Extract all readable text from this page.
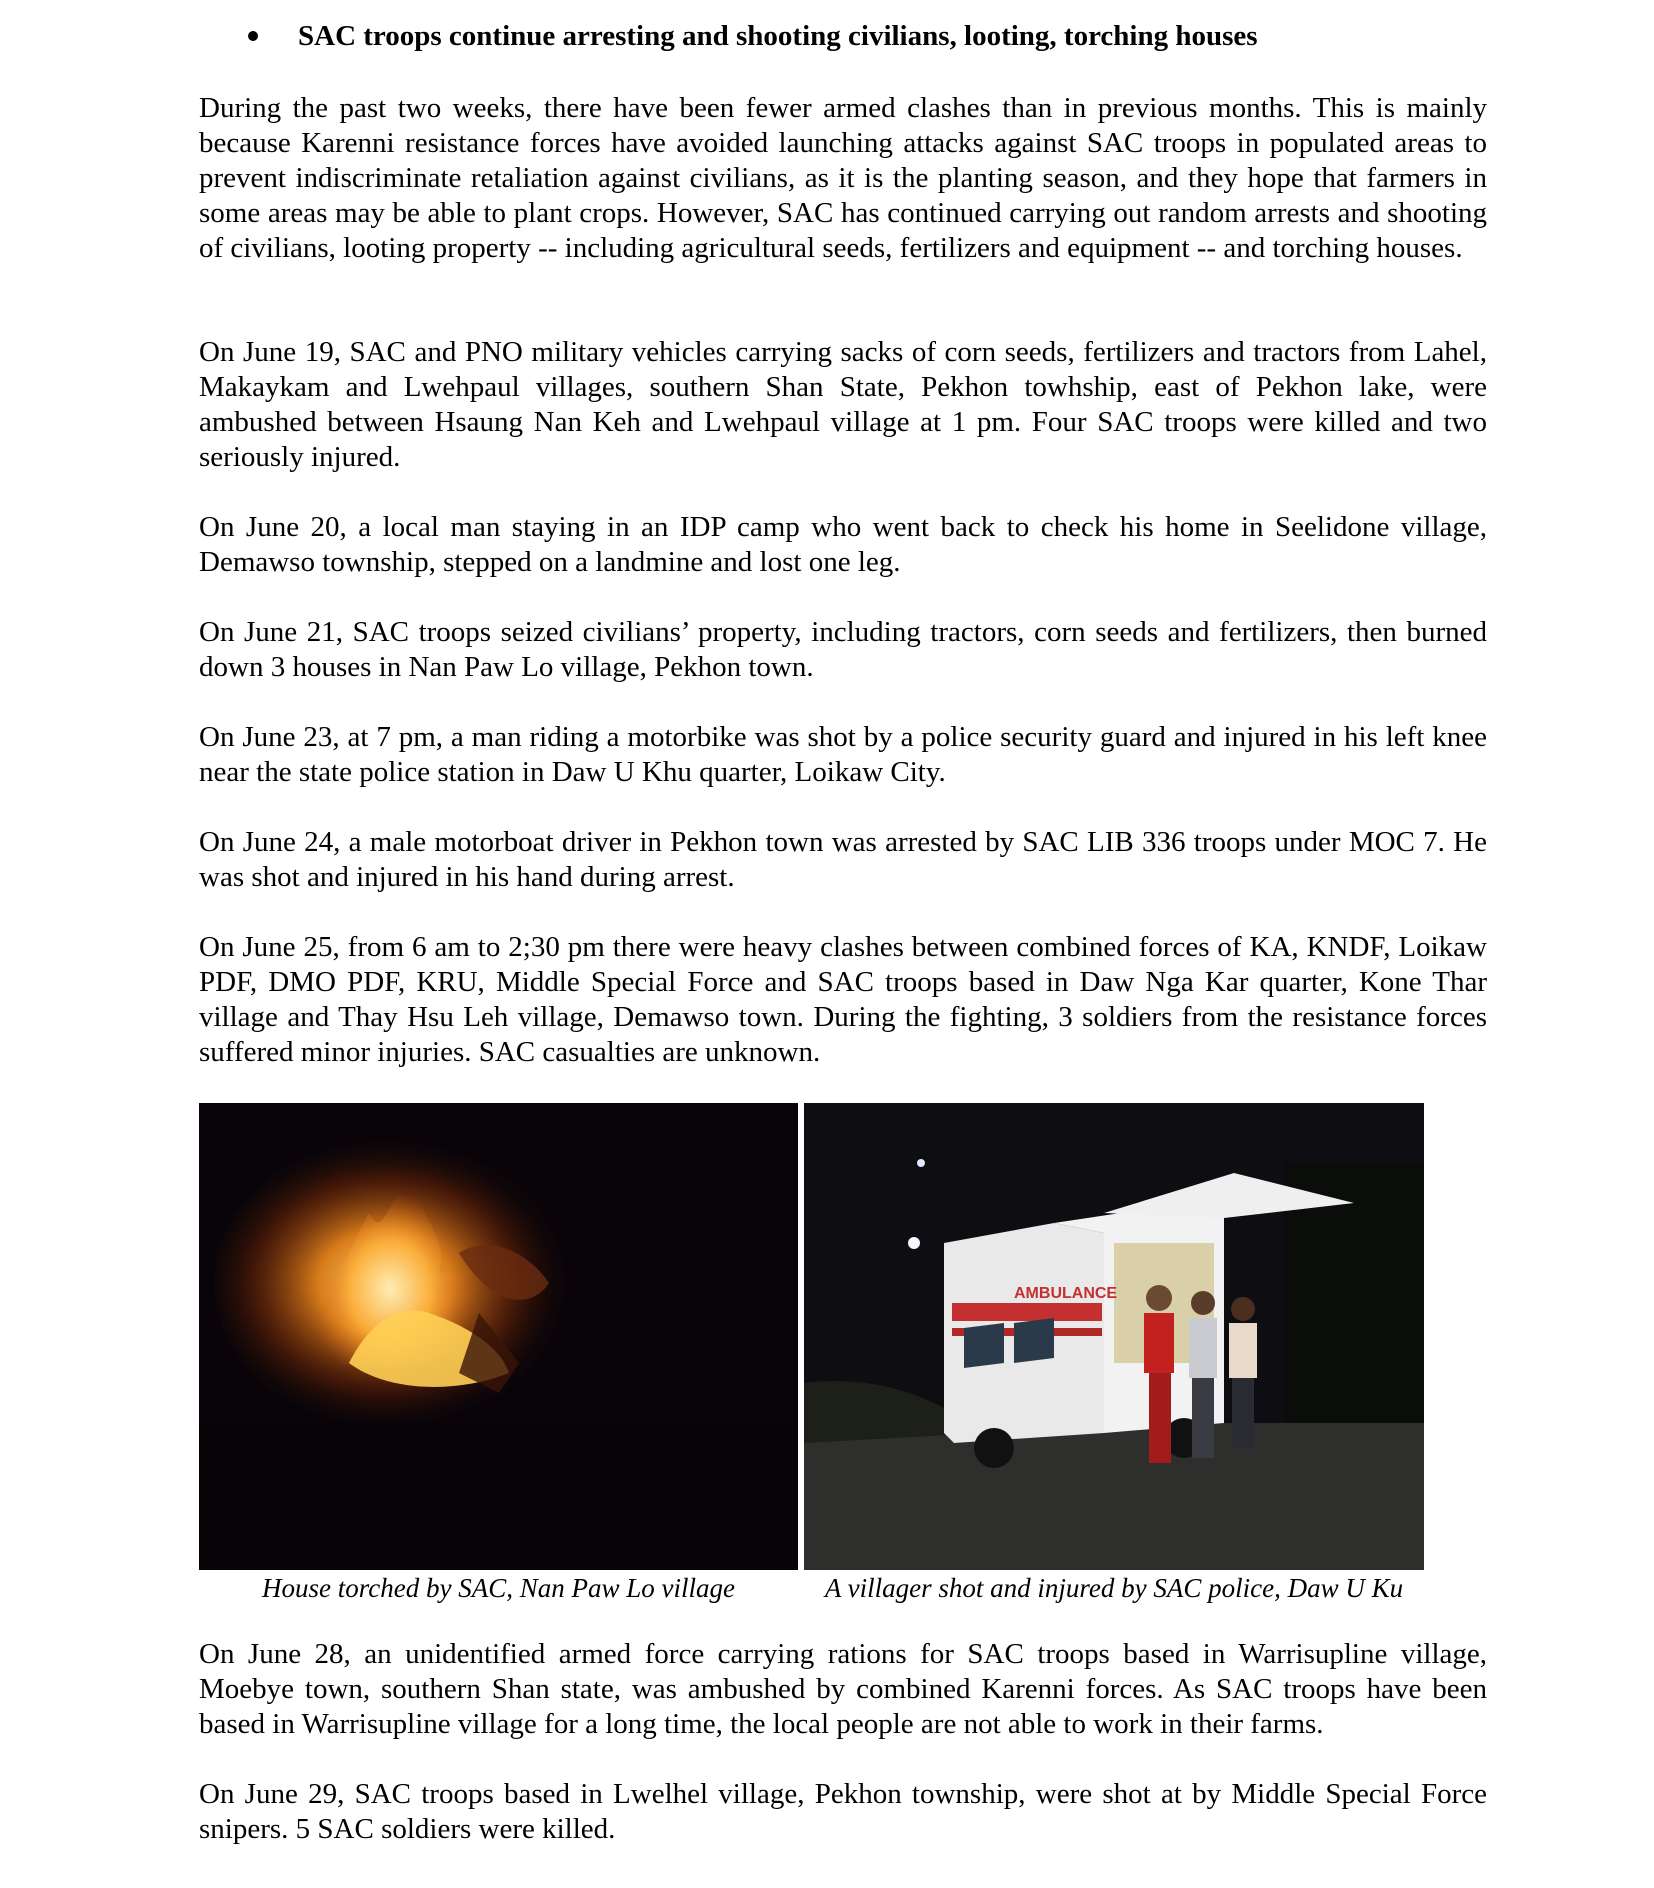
SAC troops continue arresting and shooting civilians, looting, torching houses

During the past two weeks, there have been fewer armed clashes than in previous months. This is mainly because Karenni resistance forces have avoided launching attacks against SAC troops in populated areas to prevent indiscriminate retaliation against civilians, as it is the planting season, and they hope that farmers in some areas may be able to plant crops. However, SAC has continued carrying out random arrests and shooting of civilians, looting property -- including agricultural seeds, fertilizers and equipment -- and torching houses.

On June 19, SAC and PNO military vehicles carrying sacks of corn seeds, fertilizers and tractors from Lahel, Makaykam and Lwehpaul villages, southern Shan State, Pekhon towhship, east of Pekhon lake, were ambushed between Hsaung Nan Keh and Lwehpaul village at 1 pm. Four SAC troops were killed and two seriously injured.

On June 20, a local man staying in an IDP camp who went back to check his home in Seelidone village, Demawso township, stepped on a landmine and lost one leg.

On June 21, SAC troops seized civilians’ property, including tractors, corn seeds and fertilizers, then burned down 3 houses in Nan Paw Lo village, Pekhon town.

On June 23, at 7 pm, a man riding a motorbike was shot by a police security guard and injured in his left knee near the state police station in Daw U Khu quarter, Loikaw City.

On June 24, a male motorboat driver in Pekhon town was arrested by SAC LIB 336 troops under MOC 7. He was shot and injured in his hand during arrest.

On June 25, from 6 am to 2;30 pm there were heavy clashes between combined forces of KA, KNDF, Loikaw PDF, DMO PDF, KRU, Middle Special Force and SAC troops based in Daw Nga Kar quarter, Kone Thar village and Thay Hsu Leh village, Demawso town. During the fighting, 3 soldiers from the resistance forces suffered minor injuries. SAC casualties are unknown.

AMBULANCE
House torched by SAC, Nan Paw Lo village	A villager shot and injured by SAC police, Daw U Ku

On June 28, an unidentified armed force carrying rations for SAC troops based in Warrisupline village, Moebye town, southern Shan state, was ambushed by combined Karenni forces. As SAC troops have been based in Warrisupline village for a long time, the local people are not able to work in their farms.

On June 29, SAC troops based in Lwelhel village, Pekhon township, were shot at by Middle Special Force snipers. 5 SAC soldiers were killed.
